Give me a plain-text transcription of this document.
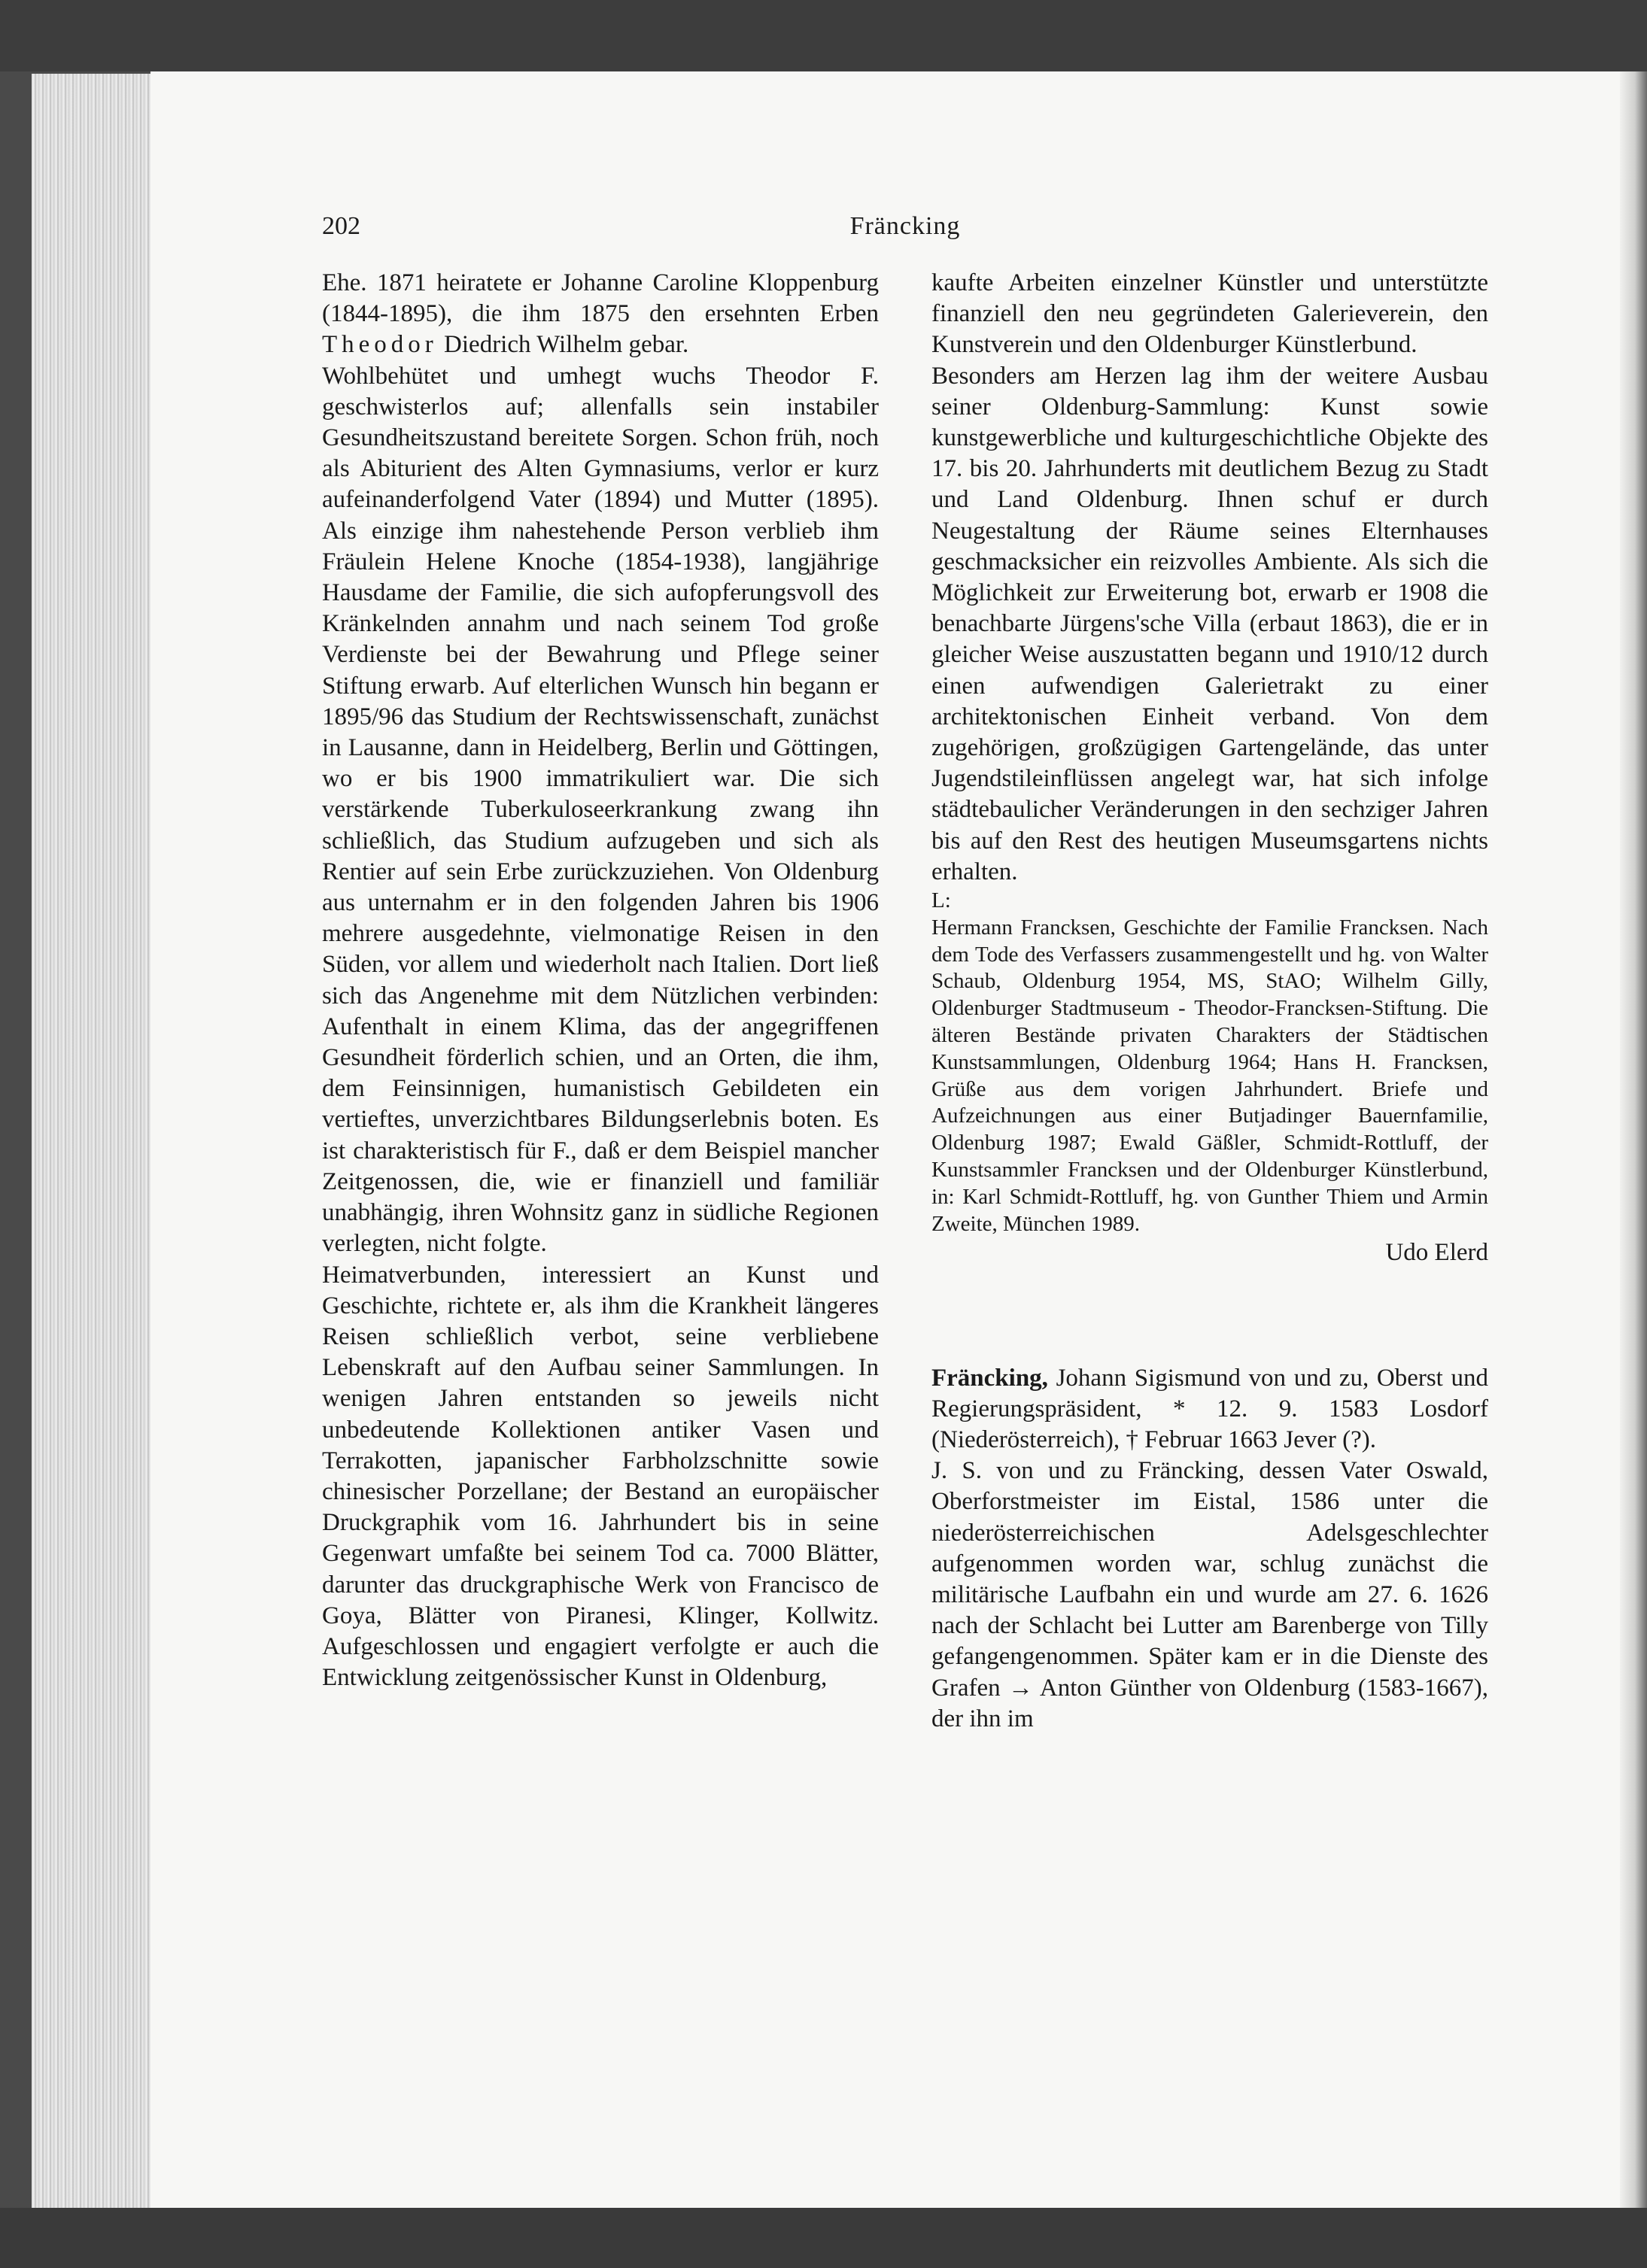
202	Fräncking

Ehe. 1871 heiratete er Johanne Caroline Kloppenburg (1844-1895), die ihm 1875 den ersehnten Erben Theodor Diedrich Wilhelm gebar.

Wohlbehütet und umhegt wuchs Theodor F. geschwisterlos auf; allenfalls sein instabiler Gesundheitszustand bereitete Sorgen. Schon früh, noch als Abiturient des Alten Gymnasiums, verlor er kurz aufeinanderfolgend Vater (1894) und Mutter (1895). Als einzige ihm nahestehende Person verblieb ihm Fräulein Helene Knoche (1854-1938), langjährige Hausdame der Familie, die sich aufopferungsvoll des Kränkelnden annahm und nach seinem Tod große Verdienste bei der Bewahrung und Pflege seiner Stiftung erwarb. Auf elterlichen Wunsch hin begann er 1895/96 das Studium der Rechtswissenschaft, zunächst in Lausanne, dann in Heidelberg, Berlin und Göttingen, wo er bis 1900 immatrikuliert war. Die sich verstärkende Tuberkuloseerkrankung zwang ihn schließlich, das Studium aufzugeben und sich als Rentier auf sein Erbe zurückzuziehen. Von Oldenburg aus unternahm er in den folgenden Jahren bis 1906 mehrere ausgedehnte, vielmonatige Reisen in den Süden, vor allem und wiederholt nach Italien. Dort ließ sich das Angenehme mit dem Nützlichen verbinden: Aufenthalt in einem Klima, das der angegriffenen Gesundheit förderlich schien, und an Orten, die ihm, dem Feinsinnigen, humanistisch Gebildeten ein vertieftes, unverzichtbares Bildungserlebnis boten. Es ist charakteristisch für F., daß er dem Beispiel mancher Zeitgenossen, die, wie er finanziell und familiär unabhängig, ihren Wohnsitz ganz in südliche Regionen verlegten, nicht folgte.

Heimatverbunden, interessiert an Kunst und Geschichte, richtete er, als ihm die Krankheit längeres Reisen schließlich verbot, seine verbliebene Lebenskraft auf den Aufbau seiner Sammlungen. In wenigen Jahren entstanden so jeweils nicht unbedeutende Kollektionen antiker Vasen und Terrakotten, japanischer Farbholzschnitte sowie chinesischer Porzellane; der Bestand an europäischer Druckgraphik vom 16. Jahrhundert bis in seine Gegenwart umfaßte bei seinem Tod ca. 7000 Blätter, darunter das druckgraphische Werk von Francisco de Goya, Blätter von Piranesi, Klinger, Kollwitz. Aufgeschlossen und engagiert verfolgte er auch die Entwicklung zeitgenössischer Kunst in Oldenburg,

kaufte Arbeiten einzelner Künstler und unterstützte finanziell den neu gegründeten Galerieverein, den Kunstverein und den Oldenburger Künstlerbund.

Besonders am Herzen lag ihm der weitere Ausbau seiner Oldenburg-Sammlung: Kunst sowie kunstgewerbliche und kulturgeschichtliche Objekte des 17. bis 20. Jahrhunderts mit deutlichem Bezug zu Stadt und Land Oldenburg. Ihnen schuf er durch Neugestaltung der Räume seines Elternhauses geschmacksicher ein reizvolles Ambiente. Als sich die Möglichkeit zur Erweiterung bot, erwarb er 1908 die benachbarte Jürgens'sche Villa (erbaut 1863), die er in gleicher Weise auszustatten begann und 1910/12 durch einen aufwendigen Galerietrakt zu einer architektonischen Einheit verband. Von dem zugehörigen, großzügigen Gartengelände, das unter Jugendstileinflüssen angelegt war, hat sich infolge städtebaulicher Veränderungen in den sechziger Jahren bis auf den Rest des heutigen Museumsgartens nichts erhalten.

L:

Hermann Francksen, Geschichte der Familie Francksen. Nach dem Tode des Verfassers zusammengestellt und hg. von Walter Schaub, Oldenburg 1954, MS, StAO; Wilhelm Gilly, Oldenburger Stadtmuseum - Theodor-Francksen-Stiftung. Die älteren Bestände privaten Charakters der Städtischen Kunstsammlungen, Oldenburg 1964; Hans H. Francksen, Grüße aus dem vorigen Jahrhundert. Briefe und Aufzeichnungen aus einer Butjadinger Bauernfamilie, Oldenburg 1987; Ewald Gäßler, Schmidt-Rottluff, der Kunstsammler Francksen und der Oldenburger Künstlerbund, in: Karl Schmidt-Rottluff, hg. von Gunther Thiem und Armin Zweite, München 1989.

Udo Elerd

Fräncking, Johann Sigismund von und zu, Oberst und Regierungspräsident, * 12. 9. 1583 Losdorf (Niederösterreich), † Februar 1663 Jever (?).

J. S. von und zu Fräncking, dessen Vater Oswald, Oberforstmeister im Eistal, 1586 unter die niederösterreichischen Adelsgeschlechter aufgenommen worden war, schlug zunächst die militärische Laufbahn ein und wurde am 27. 6. 1626 nach der Schlacht bei Lutter am Barenberge von Tilly gefangengenommen. Später kam er in die Dienste des Grafen → Anton Günther von Oldenburg (1583-1667), der ihn im
